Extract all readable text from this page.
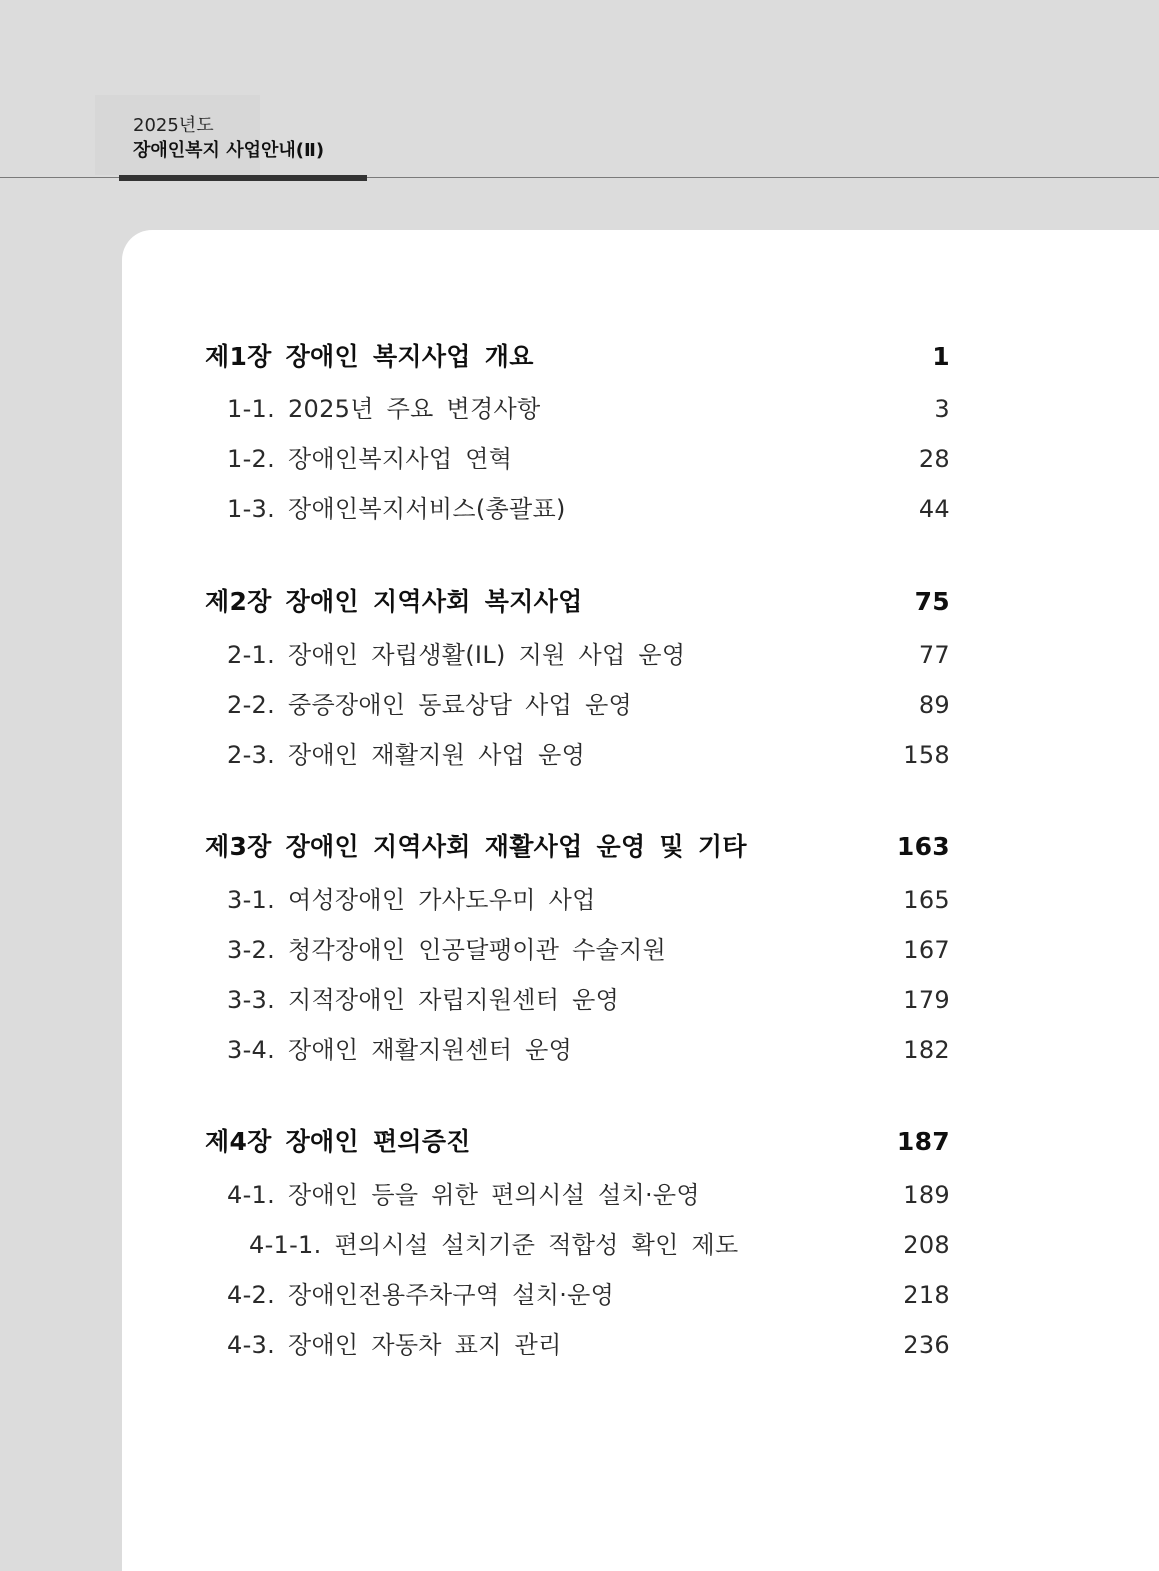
2025년도
장애인복지 사업안내(Ⅱ)
제1장 장애인 복지사업 개요	1
1-1. 2025년 주요 변경사항	3
1-2. 장애인복지사업 연혁	28
1-3. 장애인복지서비스(총괄표)	44
제2장 장애인 지역사회 복지사업	75
2-1. 장애인 자립생활(IL) 지원 사업 운영	77
2-2. 중증장애인 동료상담 사업 운영	89
2-3. 장애인 재활지원 사업 운영	158
제3장 장애인 지역사회 재활사업 운영 및 기타	163
3-1. 여성장애인 가사도우미 사업	165
3-2. 청각장애인 인공달팽이관 수술지원	167
3-3. 지적장애인 자립지원센터 운영	179
3-4. 장애인 재활지원센터 운영	182
제4장 장애인 편의증진	187
4-1. 장애인 등을 위한 편의시설 설치·운영	189
4-1-1. 편의시설 설치기준 적합성 확인 제도	208
4-2. 장애인전용주차구역 설치·운영	218
4-3. 장애인 자동차 표지 관리	236
